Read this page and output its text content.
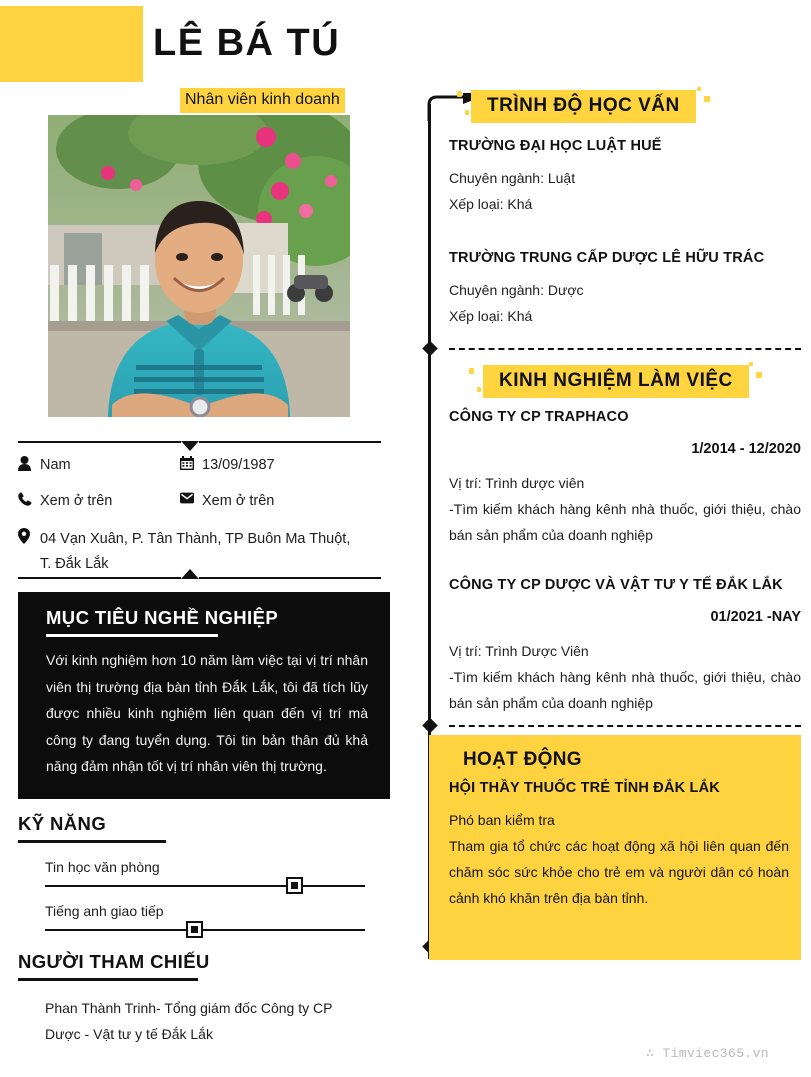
LÊ BÁ TÚ
Nhân viên kinh doanh
Nam	13/09/1987
Xem ở trên	Xem ở trên
04 Vạn Xuân, P. Tân Thành, TP Buôn Ma Thuột, T. Đắk Lắk
MỤC TIÊU NGHỀ NGHIỆP
Với kinh nghiệm hơn 10 năm làm việc tại vị trí nhân viên thị trường địa bàn tỉnh Đắk Lắk, tôi đã tích lũy được nhiều kinh nghiệm liên quan đến vị trí mà công ty đang tuyển dụng. Tôi tin bản thân đủ khả năng đảm nhận tốt vị trí nhân viên thị trường.
KỸ NĂNG
Tin học văn phòng
Tiếng anh giao tiếp
NGƯỜI THAM CHIẾU
Phan Thành Trinh- Tổng giám đốc Công ty CP Dược - Vật tư y tế Đắk Lắk
TRÌNH ĐỘ HỌC VẤN
TRƯỜNG ĐẠI HỌC LUẬT HUẾ
Chuyên ngành: Luật
Xếp loại: Khá
TRƯỜNG TRUNG CẤP DƯỢC LÊ HỮU TRÁC
Chuyên ngành: Dược
Xếp loại: Khá
KINH NGHIỆM LÀM VIỆC
CÔNG TY CP TRAPHACO
1/2014 - 12/2020
Vị trí: Trình dược viên
-Tìm kiếm khách hàng kênh nhà thuốc, giới thiệu, chào bán sản phẩm của doanh nghiệp
CÔNG TY CP DƯỢC VÀ VẬT TƯ Y TẾ ĐẮK LẮK
01/2021 -NAY
Vị trí: Trình Dược Viên
-Tìm kiếm khách hàng kênh nhà thuốc, giới thiệu, chào bán sản phẩm của doanh nghiệp
HOẠT ĐỘNG
HỘI THẦY THUỐC TRẺ TỈNH ĐẮK LẮK
Phó ban kiểm tra
Tham gia tổ chức các hoạt động xã hội liên quan đến chăm sóc sức khỏe cho trẻ em và người dân có hoàn cảnh khó khăn trên địa bàn tỉnh.
∴ Timviec365.vn
